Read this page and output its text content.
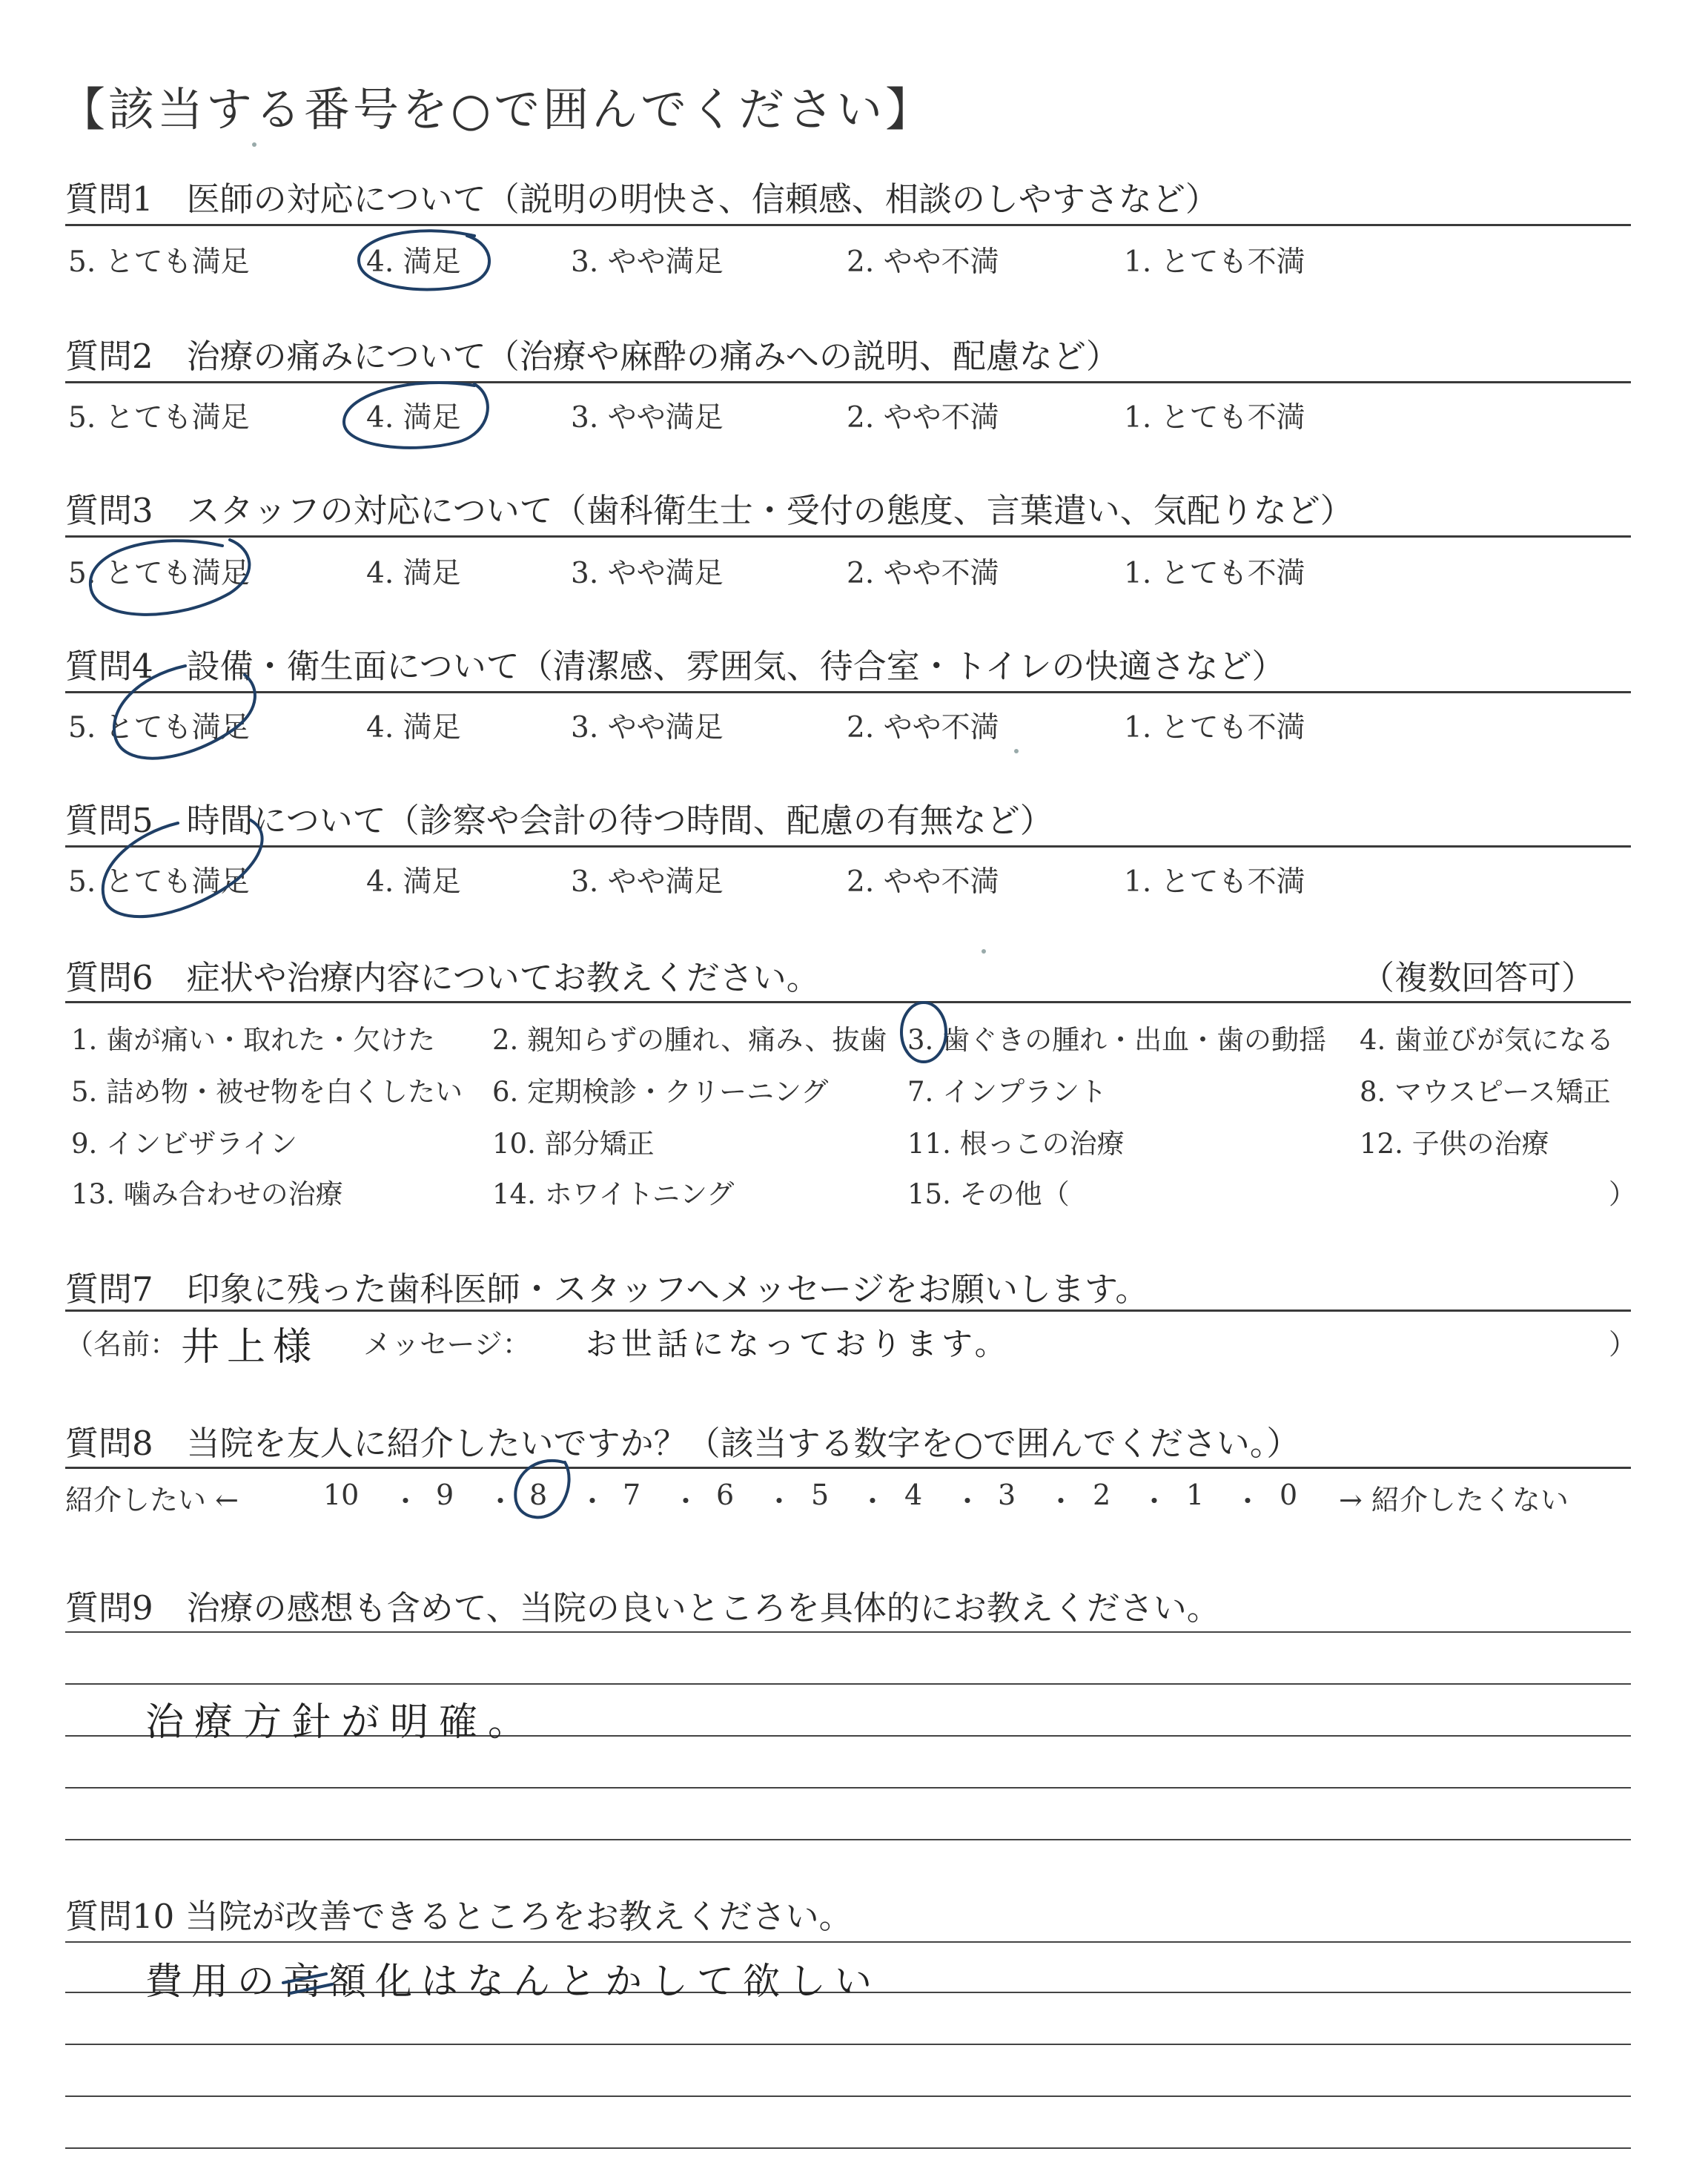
【該当する番号を○で囲んでください】
質問1　医師の対応について（説明の明快さ、信頼感、相談のしやすさなど）
5. とても満足	4. 満足	3. やや満足	2. やや不満	1. とても不満
質問2　治療の痛みについて（治療や麻酔の痛みへの説明、配慮など）
5. とても満足	4. 満足	3. やや満足	2. やや不満	1. とても不満
質問3　スタッフの対応について（歯科衛生士・受付の態度、言葉遣い、気配りなど）
5. とても満足	4. 満足	3. やや満足	2. やや不満	1. とても不満
質問4　設備・衛生面について（清潔感、雰囲気、待合室・トイレの快適さなど）
5. とても満足	4. 満足	3. やや満足	2. やや不満	1. とても不満
質問5　時間について（診察や会計の待つ時間、配慮の有無など）
5. とても満足	4. 満足	3. やや満足	2. やや不満	1. とても不満
質問6　症状や治療内容についてお教えください。	（複数回答可）
1. 歯が痛い・取れた・欠けた 2. 親知らずの腫れ、痛み、抜歯 3. 歯ぐきの腫れ・出血・歯の動揺 4. 歯並びが気になる
5. 詰め物・被せ物を白くしたい 6. 定期検診・クリーニング	7. インプラント	8. マウスピース矯正
9. インビザライン	10. 部分矯正	11. 根っこの治療	12. 子供の治療
13. 噛み合わせの治療	14. ホワイトニング	15. その他（	）
質問7　印象に残った歯科医師・スタッフへメッセージをお願いします。
（名前： 井上様 メッセージ： お世話になっております。	）
質問8　当院を友人に紹介したいですか？（該当する数字を○で囲んでください。）
紹介したい ←	→ 紹介したくない
10 ・ 9 ・ 8 ・ 7 ・ 6 ・ 5 ・ 4 ・ 3 ・ 2 ・ 1 ・ 0
質問9　治療の感想も含めて、当院の良いところを具体的にお教えください。
治療方針が明確。
質問10 当院が改善できるところをお教えください。
費用の高額化はなんとかして欲しい
